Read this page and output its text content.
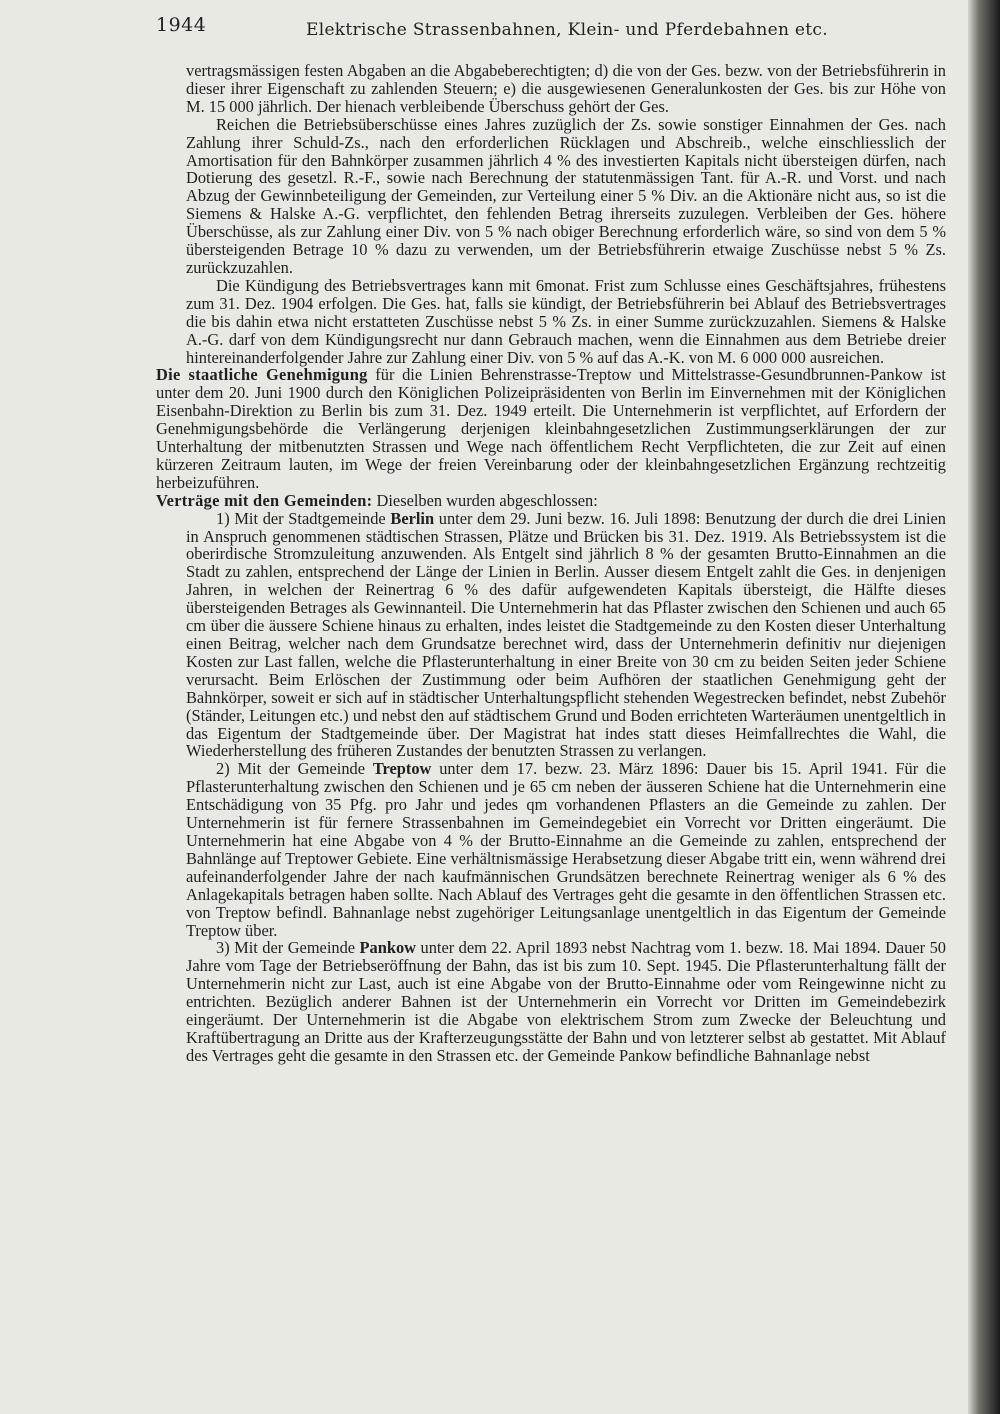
1944	Elektrische Strassenbahnen, Klein- und Pferdebahnen etc.

vertragsmässigen festen Abgaben an die Abgabeberechtigten; d) die von der Ges. bezw. von der Betriebsführerin in dieser ihrer Eigenschaft zu zahlenden Steuern; e) die ausgewiesenen Generalunkosten der Ges. bis zur Höhe von M. 15 000 jährlich. Der hienach verbleibende Überschuss gehört der Ges.

Reichen die Betriebsüberschüsse eines Jahres zuzüglich der Zs. sowie sonstiger Einnahmen der Ges. nach Zahlung ihrer Schuld-Zs., nach den erforderlichen Rücklagen und Abschreib., welche einschliesslich der Amortisation für den Bahnkörper zusammen jährlich 4 % des investierten Kapitals nicht übersteigen dürfen, nach Dotierung des gesetzl. R.-F., sowie nach Berechnung der statutenmässigen Tant. für A.-R. und Vorst. und nach Abzug der Gewinnbeteiligung der Gemeinden, zur Verteilung einer 5 % Div. an die Aktionäre nicht aus, so ist die Siemens & Halske A.-G. verpflichtet, den fehlenden Betrag ihrerseits zuzulegen. Verbleiben der Ges. höhere Überschüsse, als zur Zahlung einer Div. von 5 % nach obiger Berechnung erforderlich wäre, so sind von dem 5 % übersteigenden Betrage 10 % dazu zu verwenden, um der Betriebsführerin etwaige Zuschüsse nebst 5 % Zs. zurückzuzahlen.

Die Kündigung des Betriebsvertrages kann mit 6monat. Frist zum Schlusse eines Geschäftsjahres, frühestens zum 31. Dez. 1904 erfolgen. Die Ges. hat, falls sie kündigt, der Betriebsführerin bei Ablauf des Betriebsvertrages die bis dahin etwa nicht erstatteten Zuschüsse nebst 5 % Zs. in einer Summe zurückzuzahlen. Siemens & Halske A.-G. darf von dem Kündigungsrecht nur dann Gebrauch machen, wenn die Einnahmen aus dem Betriebe dreier hintereinanderfolgender Jahre zur Zahlung einer Div. von 5 % auf das A.-K. von M. 6 000 000 ausreichen.

Die staatliche Genehmigung für die Linien Behrenstrasse-Treptow und Mittelstrasse-Gesundbrunnen-Pankow ist unter dem 20. Juni 1900 durch den Königlichen Polizeipräsidenten von Berlin im Einvernehmen mit der Königlichen Eisenbahn-Direktion zu Berlin bis zum 31. Dez. 1949 erteilt. Die Unternehmerin ist verpflichtet, auf Erfordern der Genehmigungsbehörde die Verlängerung derjenigen kleinbahngesetzlichen Zustimmungserklärungen der zur Unterhaltung der mitbenutzten Strassen und Wege nach öffentlichem Recht Verpflichteten, die zur Zeit auf einen kürzeren Zeitraum lauten, im Wege der freien Vereinbarung oder der kleinbahngesetzlichen Ergänzung rechtzeitig herbeizuführen.

Verträge mit den Gemeinden: Dieselben wurden abgeschlossen:

1) Mit der Stadtgemeinde Berlin unter dem 29. Juni bezw. 16. Juli 1898: Benutzung der durch die drei Linien in Anspruch genommenen städtischen Strassen, Plätze und Brücken bis 31. Dez. 1919. Als Betriebssystem ist die oberirdische Stromzuleitung anzuwenden. Als Entgelt sind jährlich 8 % der gesamten Brutto-Einnahmen an die Stadt zu zahlen, entsprechend der Länge der Linien in Berlin. Ausser diesem Entgelt zahlt die Ges. in denjenigen Jahren, in welchen der Reinertrag 6 % des dafür aufgewendeten Kapitals übersteigt, die Hälfte dieses übersteigenden Betrages als Gewinnanteil. Die Unternehmerin hat das Pflaster zwischen den Schienen und auch 65 cm über die äussere Schiene hinaus zu erhalten, indes leistet die Stadtgemeinde zu den Kosten dieser Unterhaltung einen Beitrag, welcher nach dem Grundsatze berechnet wird, dass der Unternehmerin definitiv nur diejenigen Kosten zur Last fallen, welche die Pflasterunterhaltung in einer Breite von 30 cm zu beiden Seiten jeder Schiene verursacht. Beim Erlöschen der Zustimmung oder beim Aufhören der staatlichen Genehmigung geht der Bahnkörper, soweit er sich auf in städtischer Unterhaltungspflicht stehenden Wegestrecken befindet, nebst Zubehör (Ständer, Leitungen etc.) und nebst den auf städtischem Grund und Boden errichteten Warteräumen unentgeltlich in das Eigentum der Stadtgemeinde über. Der Magistrat hat indes statt dieses Heimfallrechtes die Wahl, die Wiederherstellung des früheren Zustandes der benutzten Strassen zu verlangen.

2) Mit der Gemeinde Treptow unter dem 17. bezw. 23. März 1896: Dauer bis 15. April 1941. Für die Pflasterunterhaltung zwischen den Schienen und je 65 cm neben der äusseren Schiene hat die Unternehmerin eine Entschädigung von 35 Pfg. pro Jahr und jedes qm vorhandenen Pflasters an die Gemeinde zu zahlen. Der Unternehmerin ist für fernere Strassenbahnen im Gemeindegebiet ein Vorrecht vor Dritten eingeräumt. Die Unternehmerin hat eine Abgabe von 4 % der Brutto-Einnahme an die Gemeinde zu zahlen, entsprechend der Bahnlänge auf Treptower Gebiete. Eine verhältnismässige Herabsetzung dieser Abgabe tritt ein, wenn während drei aufeinanderfolgender Jahre der nach kaufmännischen Grundsätzen berechnete Reinertrag weniger als 6 % des Anlagekapitals betragen haben sollte. Nach Ablauf des Vertrages geht die gesamte in den öffentlichen Strassen etc. von Treptow befindl. Bahnanlage nebst zugehöriger Leitungsanlage unentgeltlich in das Eigentum der Gemeinde Treptow über.

3) Mit der Gemeinde Pankow unter dem 22. April 1893 nebst Nachtrag vom 1. bezw. 18. Mai 1894. Dauer 50 Jahre vom Tage der Betriebseröffnung der Bahn, das ist bis zum 10. Sept. 1945. Die Pflasterunterhaltung fällt der Unternehmerin nicht zur Last, auch ist eine Abgabe von der Brutto-Einnahme oder vom Reingewinne nicht zu entrichten. Bezüglich anderer Bahnen ist der Unternehmerin ein Vorrecht vor Dritten im Gemeindebezirk eingeräumt. Der Unternehmerin ist die Abgabe von elektrischem Strom zum Zwecke der Beleuchtung und Kraftübertragung an Dritte aus der Krafterzeugungsstätte der Bahn und von letzterer selbst ab gestattet. Mit Ablauf des Vertrages geht die gesamte in den Strassen etc. der Gemeinde Pankow befindliche Bahnanlage nebst
